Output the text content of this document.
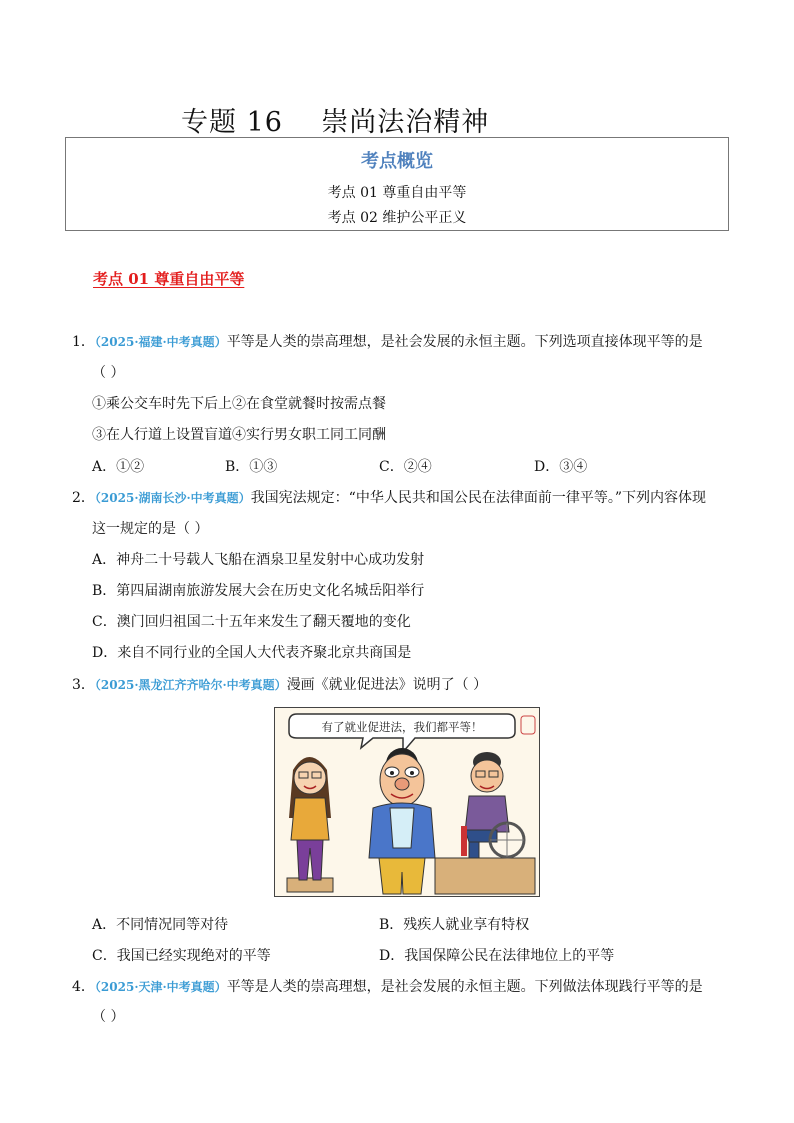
专题 16    崇尚法治精神
考点概览
考点 01 尊重自由平等
考点 02 维护公平正义
考点 01 尊重自由平等
1．（2025·福建·中考真题）平等是人类的崇高理想，是社会发展的永恒主题。下列选项直接体现平等的是
（ ）
①乘公交车时先下后上②在食堂就餐时按需点餐
③在人行道上设置盲道④实行男女职工同工同酬
A．①②	B．①③	C．②④	D．③④
2．（2025·湖南长沙·中考真题）我国宪法规定：“中华人民共和国公民在法律面前一律平等。”下列内容体现
这一规定的是（ ）
A．神舟二十号载人飞船在酒泉卫星发射中心成功发射
B．第四届湖南旅游发展大会在历史文化名城岳阳举行
C．澳门回归祖国二十五年来发生了翻天覆地的变化
D．来自不同行业的全国人大代表齐聚北京共商国是
3．（2025·黑龙江齐齐哈尔·中考真题）漫画《就业促进法》说明了（ ）
有了就业促进法，我们都平等！
A．不同情况同等对待	B．残疾人就业享有特权
C．我国已经实现绝对的平等	D．我国保障公民在法律地位上的平等
4．（2025·天津·中考真题）平等是人类的崇高理想，是社会发展的永恒主题。下列做法体现践行平等的是
（ ）
